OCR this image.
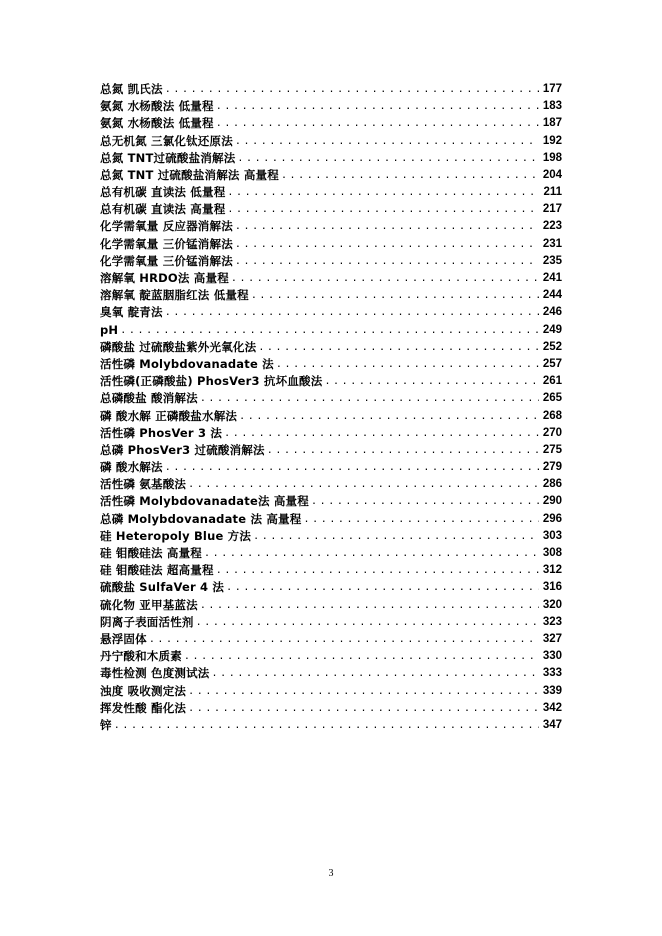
总氮 凯氏法 .....	177
氨氮 水杨酸法 低量程 .....	183
氨氮 水杨酸法 低量程 .....	187
总无机氮 三氯化钛还原法 .....	192
总氮 TNT过硫酸盐消解法 .....	198
总氮 TNT 过硫酸盐消解法 高量程 .....	204
总有机碳 直读法 低量程 .....	211
总有机碳 直读法 高量程 .....	217
化学需氧量 反应器消解法 .....	223
化学需氧量 三价锰消解法 .....	231
化学需氧量 三价锰消解法 .....	235
溶解氧 HRDO法 高量程 .....	241
溶解氧 靛蓝胭脂红法 低量程 .....	244
臭氧 靛青法 .....	246
pH .....	249
磷酸盐 过硫酸盐紫外光氧化法 .....	252
活性磷 Molybdovanadate 法 .....	257
活性磷(正磷酸盐) PhosVer3 抗坏血酸法 .....	261
总磷酸盐 酸消解法 .....	265
磷 酸水解 正磷酸盐水解法 .....	268
活性磷 PhosVer 3 法 .....	270
总磷 PhosVer3 过硫酸消解法 .....	275
磷 酸水解法 .....	279
活性磷 氨基酸法 .....	286
活性磷 Molybdovanadate法 高量程 .....	290
总磷 Molybdovanadate 法 高量程 .....	296
硅 Heteropoly Blue 方法 .....	303
硅 钼酸硅法 高量程 .....	308
硅 钼酸硅法 超高量程 .....	312
硫酸盐 SulfaVer 4 法 .....	316
硫化物 亚甲基蓝法 .....	320
阴离子表面活性剂 .....	323
悬浮固体 .....	327
丹宁酸和木质素 .....	330
毒性检测 色度测试法 .....	333
浊度 吸收测定法 .....	339
挥发性酸 酯化法 .....	342
锌 .....	347
3
